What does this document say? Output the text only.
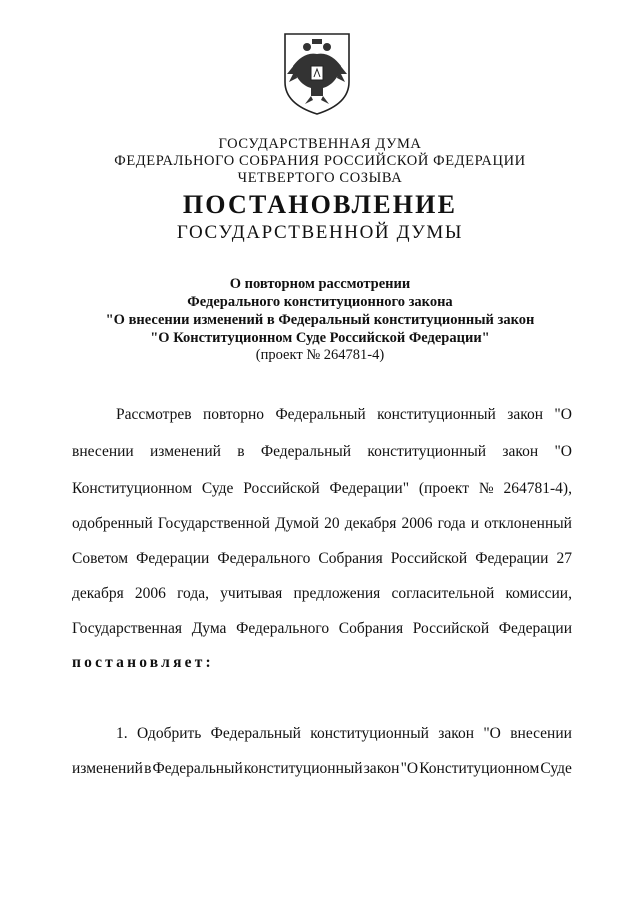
ГОСУДАРСТВЕННАЯ ДУМА
ФЕДЕРАЛЬНОГО СОБРАНИЯ РОССИЙСКОЙ ФЕДЕРАЦИИ
ЧЕТВЕРТОГО СОЗЫВА
ПОСТАНОВЛЕНИЕ
ГОСУДАРСТВЕННОЙ ДУМЫ
О повторном рассмотрении
Федерального конституционного закона
"О внесении изменений в Федеральный конституционный закон
"О Конституционном Суде Российской Федерации"
(проект № 264781-4)
Рассмотрев повторно Федеральный конституционный закон "О
внесении изменений в Федеральный конституционный закон "О
Конституционном Суде Российской Федерации" (проект № 264781-4),
одобренный Государственной Думой 20 декабря 2006 года и отклоненный
Советом Федерации Федерального Собрания Российской Федерации 27
декабря 2006 года, учитывая предложения согласительной комиссии,
Государственная Дума Федерального Собрания Российской Федерации
постановляет:
1. Одобрить Федеральный конституционный закон "О внесении
изменений в Федеральный конституционный закон "О Конституционном Суде
